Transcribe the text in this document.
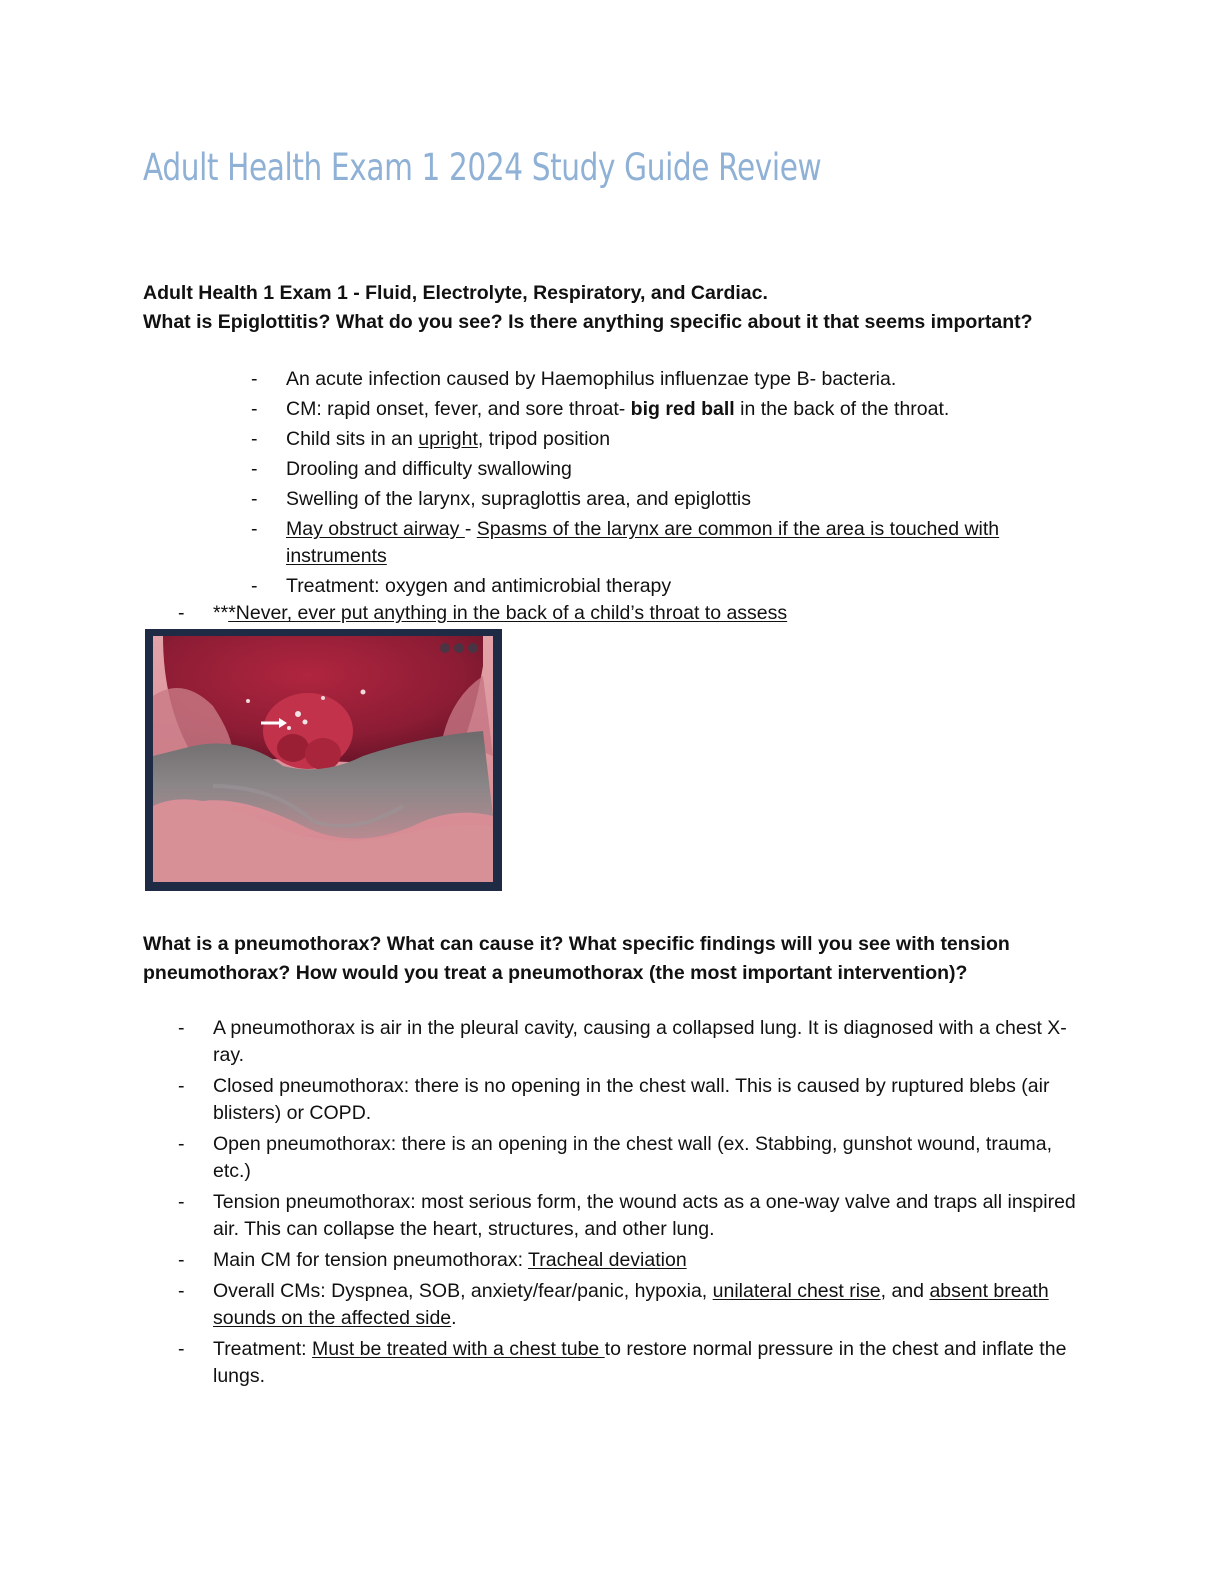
Adult Health Exam 1 2024 Study Guide Review

Adult Health 1 Exam 1 - Fluid, Electrolyte, Respiratory, and Cardiac.

What is Epiglottitis? What do you see? Is there anything specific about it that seems important?

- An acute infection caused by Haemophilus influenzae type B- bacteria.
- CM: rapid onset, fever, and sore throat- big red ball in the back of the throat.
- Child sits in an upright, tripod position
- Drooling and difficulty swallowing
- Swelling of the larynx, supraglottis area, and epiglottis
- May obstruct airway - Spasms of the larynx are common if the area is touched with instruments
- Treatment: oxygen and antimicrobial therapy
- ***Never, ever put anything in the back of a child’s throat to assess

What is a pneumothorax? What can cause it? What specific findings will you see with tension pneumothorax? How would you treat a pneumothorax (the most important intervention)?

- A pneumothorax is air in the pleural cavity, causing a collapsed lung. It is diagnosed with a chest X-ray.
- Closed pneumothorax: there is no opening in the chest wall. This is caused by ruptured blebs (air blisters) or COPD.
- Open pneumothorax: there is an opening in the chest wall (ex. Stabbing, gunshot wound, trauma, etc.)
- Tension pneumothorax: most serious form, the wound acts as a one-way valve and traps all inspired air. This can collapse the heart, structures, and other lung.
- Main CM for tension pneumothorax: Tracheal deviation
- Overall CMs: Dyspnea, SOB, anxiety/fear/panic, hypoxia, unilateral chest rise, and absent breath sounds on the affected side.
- Treatment: Must be treated with a chest tube to restore normal pressure in the chest and inflate the lungs.
